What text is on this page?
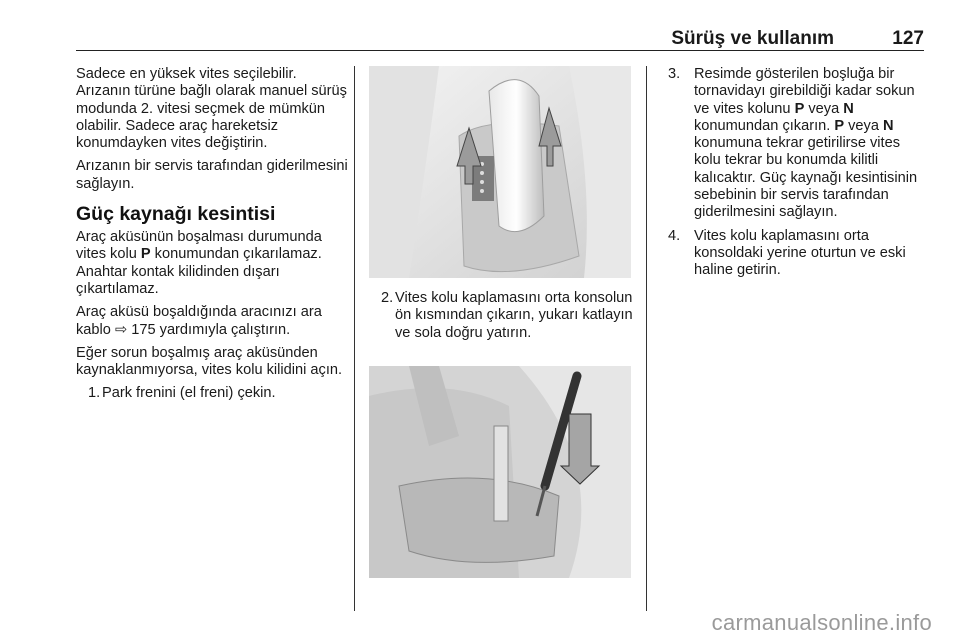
Sürüş ve kullanım	127

Sadece en yüksek vites seçilebilir. Arızanın türüne bağlı olarak manuel sürüş modunda 2. vitesi seçmek de mümkün olabilir. Sadece araç hareketsiz konumdayken vites değiştirin.

Arızanın bir servis tarafından giderilmesini sağlayın.

Güç kaynağı kesintisi

Araç aküsünün boşalması durumunda vites kolu P konumundan çıkarılamaz. Anahtar kontak kilidinden dışarı çıkartılamaz.

Araç aküsü boşaldığında aracınızı ara kablo ⇨ 175 yardımıyla çalıştırın.

Eğer sorun boşalmış araç aküsünden kaynaklanmıyorsa, vites kolu kilidini açın.

1. Park frenini (el freni) çekin.
2. Vites kolu kaplamasını orta konsolun ön kısmından çıkarın, yukarı katlayın ve sola doğru yatırın.
3. Resimde gösterilen boşluğa bir tornavidayı girebildiği kadar sokun ve vites kolunu P veya N konumundan çıkarın. P veya N konumuna tekrar getirilirse vites kolu tekrar bu konumda kilitli kalıcaktır. Güç kaynağı kesintisinin sebebinin bir servis tarafından giderilmesini sağlayın.
4. Vites kolu kaplamasını orta konsoldaki yerine oturtun ve eski haline getirin.
carmanualsonline.info
